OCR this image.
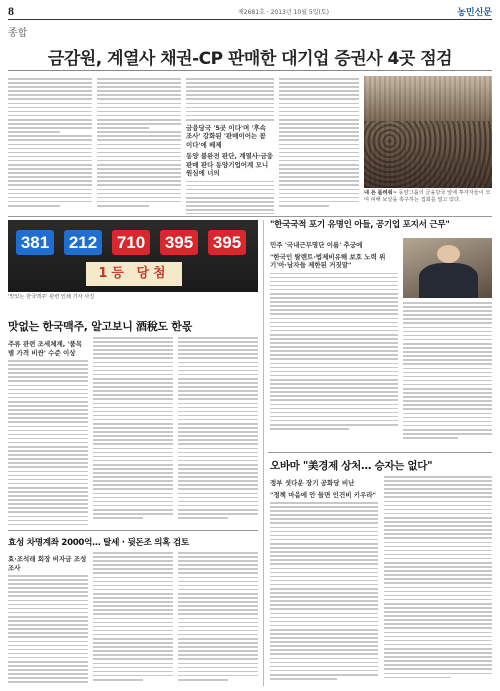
8	제2681호 · 2013년 10월 5일(토)	농민신문
종합
금감원, 계열사 채권-CP 판매한 대기업 증권사 4곳 점검
금융당국 '5곳 이다'며 '후속 조사' 강화된 '판매이어는 꼼 이다'에 배제
동양 불완전 판단, 계열사·금융판매 판다 동양기업어계 모니 원심에 너의
내 돈 돌려줘~ 동양그룹의 금융당국 앞에 투자자들이 모여 피해 보상을 촉구하는 집회를 열고 있다.
381 212 710 395 395
1등 당첨
'맛있는 한국맥주' 관련 인쇄 기사 사진
맛없는 한국맥주, 알고보니 酒稅도 한몫
주류 관련 조세체계, '품목별 가격 비싼' 수준 이상
"한국국적 포기 유명인 아들, 공기업 포지서 근무"
민주 '국내근무명단 이름' 추궁에
"한국인 탈렌트·법제비유해 보호 노력 위기'아·남자들 제한된 거짓말"
오바마 "美경제 상처… 승자는 없다"
정부 셧다운 장기 공화당 비난
"정책 마음에 안 들면 인건비 키우라"
효성 차명계좌 2000억… 탈세 · 뒷돈조 의혹 검토
효·조석래 회장 비자금 조성 조사
